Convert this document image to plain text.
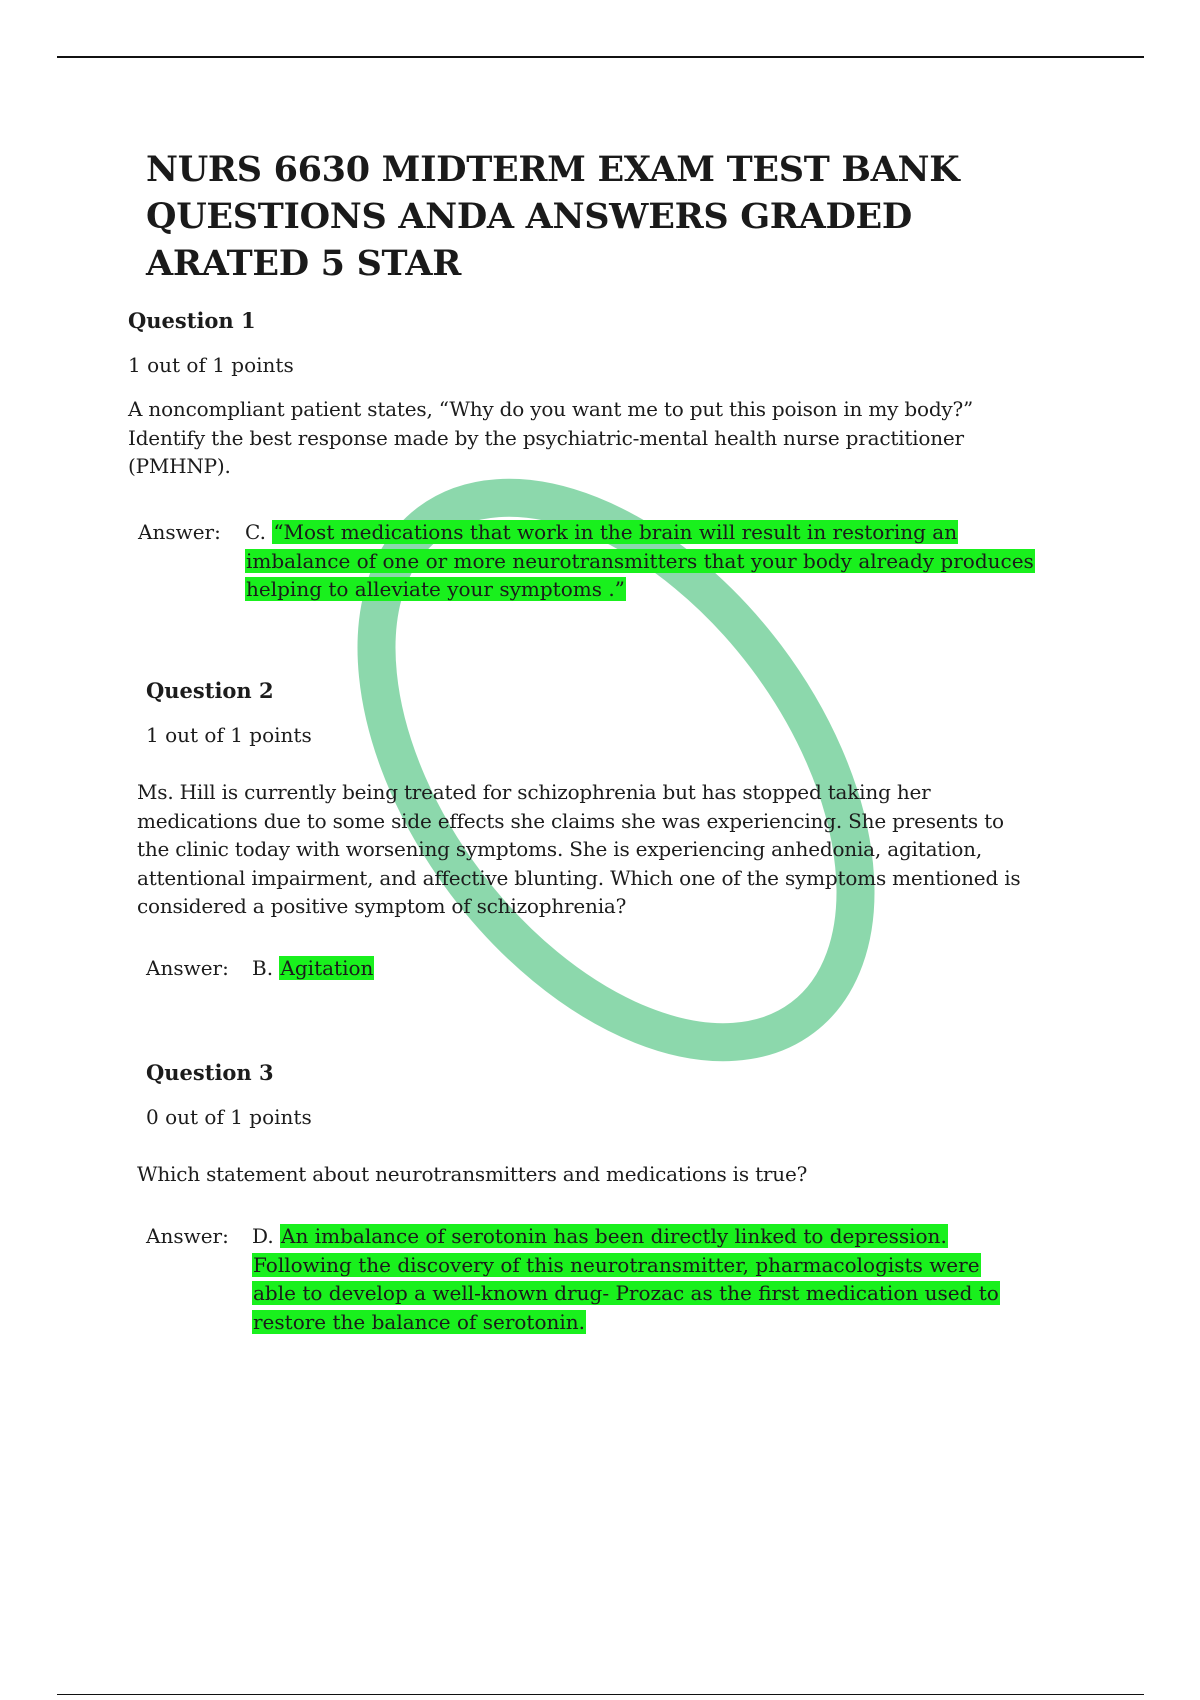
NURS 6630 MIDTERM EXAM TEST BANK QUESTIONS ANDA ANSWERS GRADED ARATED 5 STAR

Question 1

1 out of 1 points

A noncompliant patient states, “Why do you want me to put this poison in my body?” Identify the best response made by the psychiatric-mental health nurse practitioner (PMHNP).

Answer:	C. “Most medications that work in the brain will result in restoring an imbalance of one or more neurotransmitters that your body already produces helping to alleviate your symptoms .”

Question 2

1 out of 1 points

Ms. Hill is currently being treated for schizophrenia but has stopped taking her medications due to some side effects she claims she was experiencing. She presents to the clinic today with worsening symptoms. She is experiencing anhedonia, agitation, attentional impairment, and affective blunting. Which one of the symptoms mentioned is considered a positive symptom of schizophrenia?

Answer:	B. Agitation

Question 3

0 out of 1 points

Which statement about neurotransmitters and medications is true?

Answer:	D. An imbalance of serotonin has been directly linked to depression. Following the discovery of this neurotransmitter, pharmacologists were able to develop a well-known drug- Prozac as the first medication used to restore the balance of serotonin.
